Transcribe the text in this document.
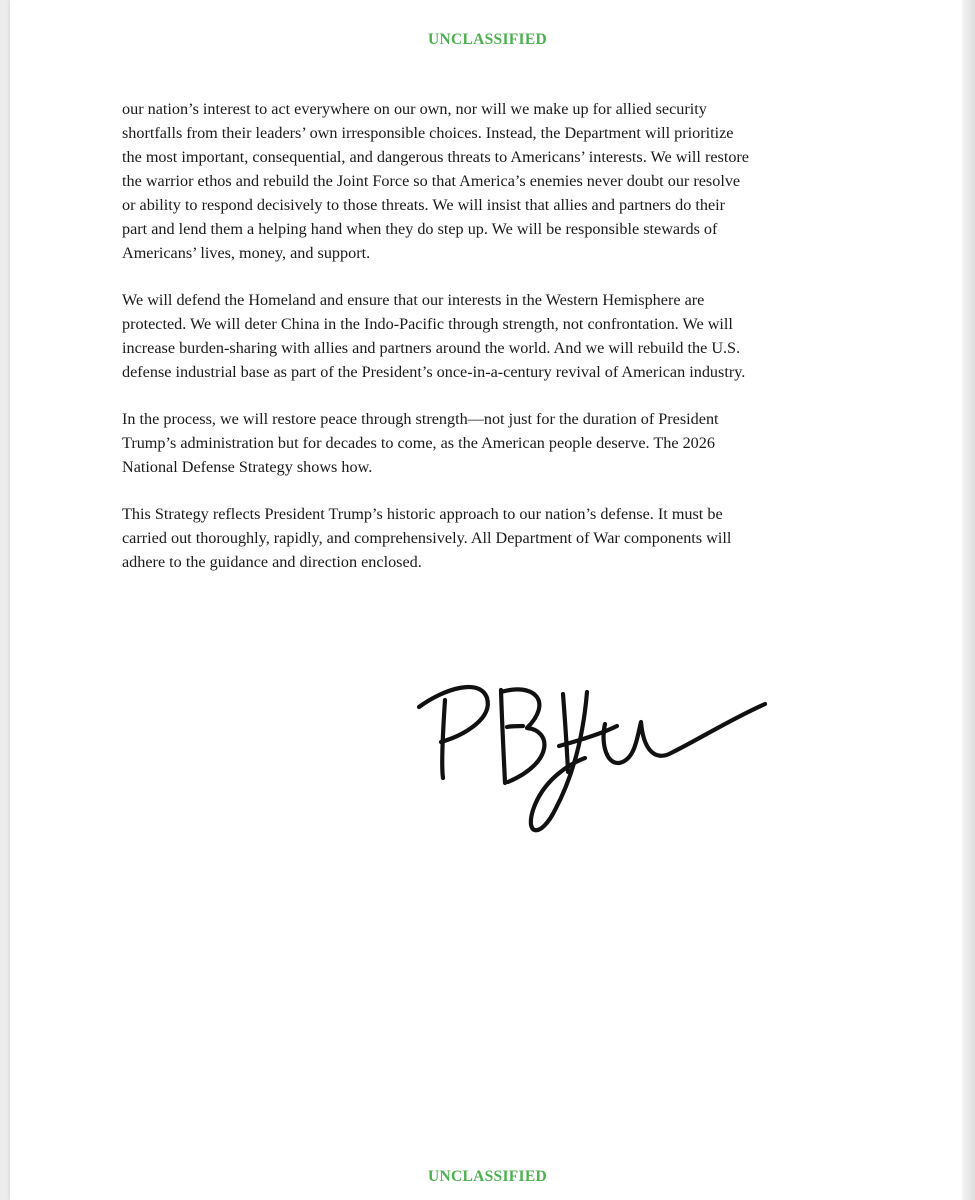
UNCLASSIFIED

our nation’s interest to act everywhere on our own, nor will we make up for allied security
shortfalls from their leaders’ own irresponsible choices. Instead, the Department will prioritize
the most important, consequential, and dangerous threats to Americans’ interests. We will restore
the warrior ethos and rebuild the Joint Force so that America’s enemies never doubt our resolve
or ability to respond decisively to those threats. We will insist that allies and partners do their
part and lend them a helping hand when they do step up. We will be responsible stewards of
Americans’ lives, money, and support.

We will defend the Homeland and ensure that our interests in the Western Hemisphere are
protected. We will deter China in the Indo-Pacific through strength, not confrontation. We will
increase burden-sharing with allies and partners around the world. And we will rebuild the U.S.
defense industrial base as part of the President’s once-in-a-century revival of American industry.

In the process, we will restore peace through strength—not just for the duration of President
Trump’s administration but for decades to come, as the American people deserve. The 2026
National Defense Strategy shows how.

This Strategy reflects President Trump’s historic approach to our nation’s defense. It must be
carried out thoroughly, rapidly, and comprehensively. All Department of War components will
adhere to the guidance and direction enclosed.

UNCLASSIFIED
